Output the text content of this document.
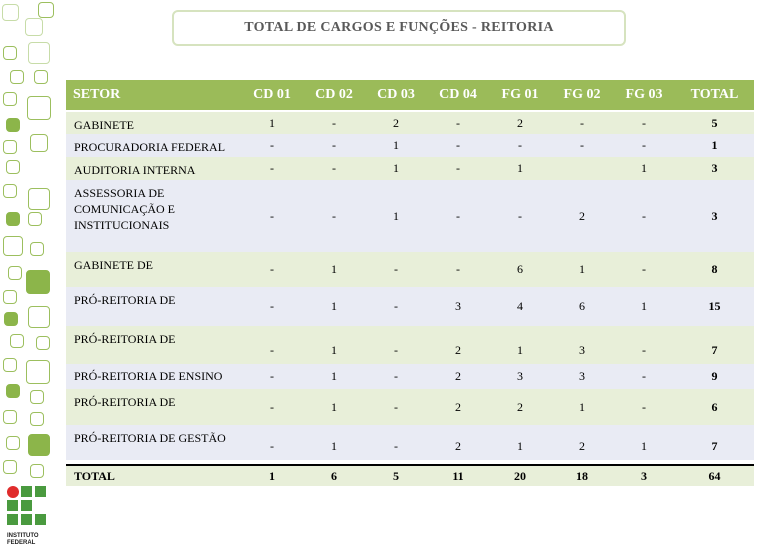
TOTAL DE CARGOS E FUNÇÕES - REITORIA
SETOR	CD 01	CD 02	CD 03	CD 04	FG 01	FG 02	FG 03	TOTAL
GABINETE	1	-	2	-	2	-	-	5
PROCURADORIA FEDERAL	-	-	1	-	-	-	-	1
AUDITORIA INTERNA	-	-	1	-	1		1	3
ASSESSORIA DE COMUNICAÇÃO E INSTITUCIONAIS	-	-	1	-	-	2	-	3
GABINETE DE	-	1	-	-	6	1	-	8
PRÓ-REITORIA DE	-	1	-	3	4	6	1	15
PRÓ-REITORIA DE	-	1	-	2	1	3	-	7
PRÓ-REITORIA DE ENSINO	-	1	-	2	3	3	-	9
PRÓ-REITORIA DE	-	1	-	2	2	1	-	6
PRÓ-REITORIA DE GESTÃO	-	1	-	2	1	2	1	7

TOTAL	1	6	5	11	20	18	3	64
INSTITUTO
FEDERAL
